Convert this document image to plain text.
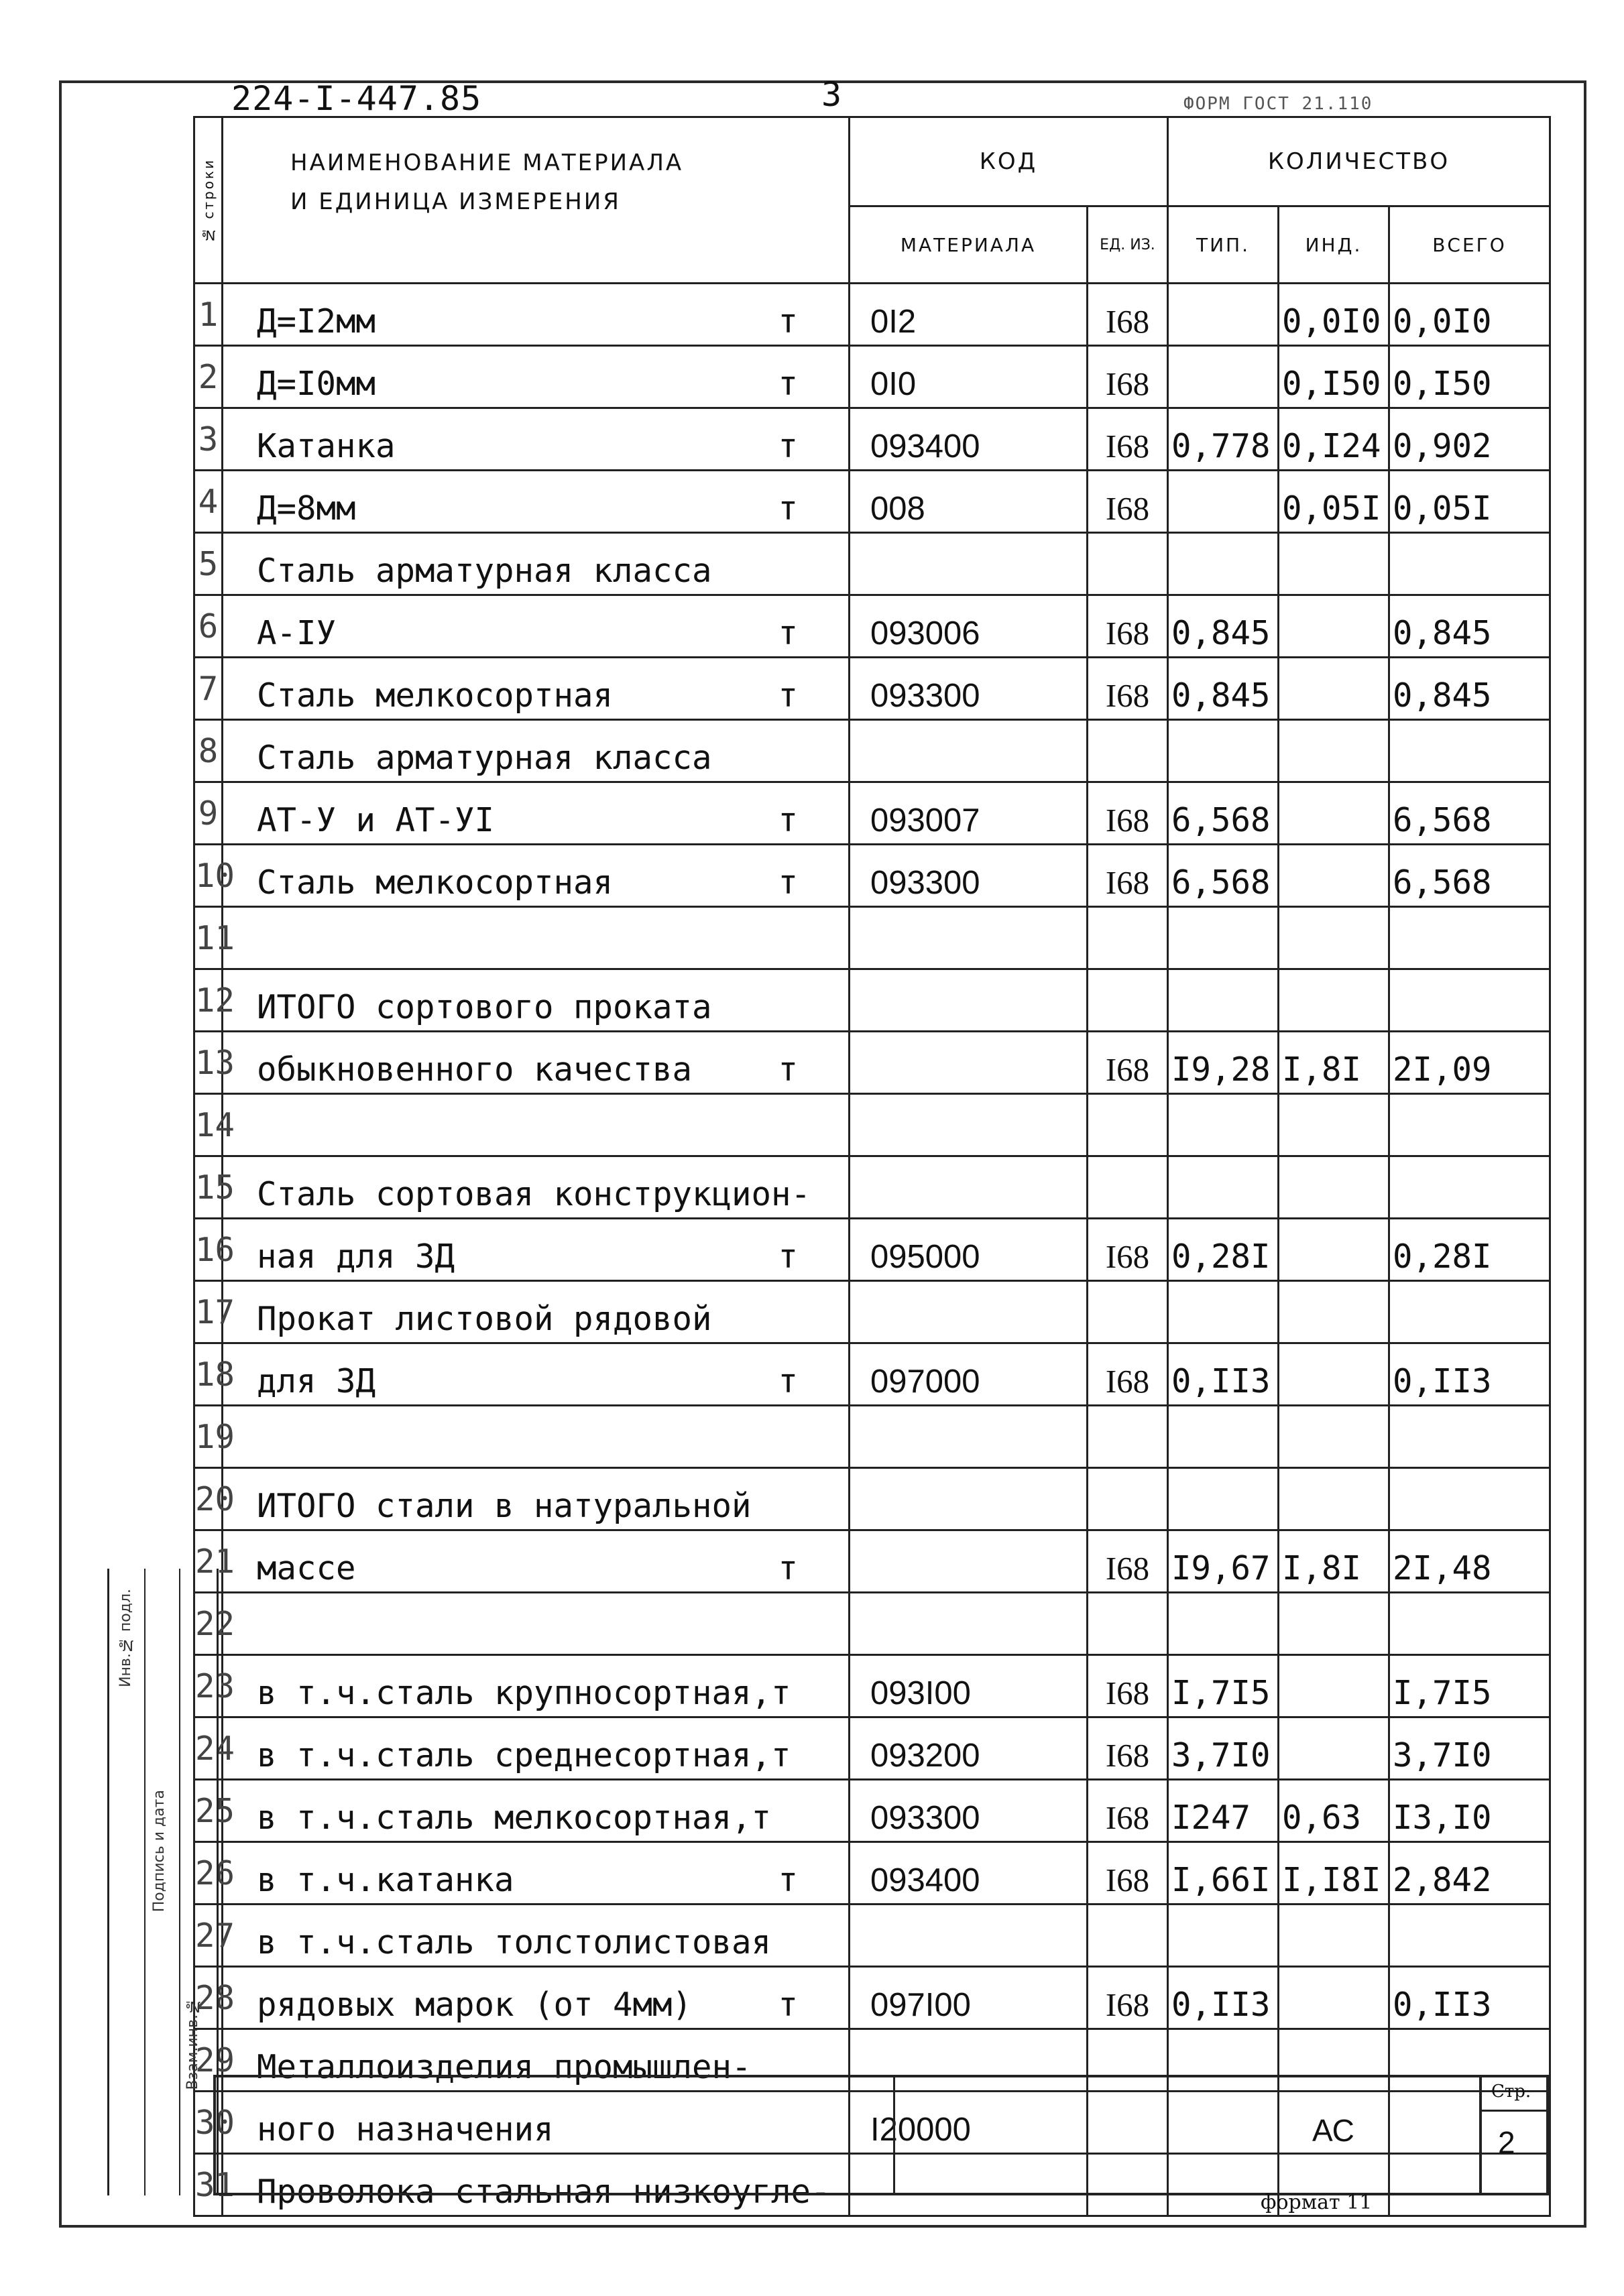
224-I-447.85	3	ФОРМ ГОСТ 21.110
№ строки	НАИМЕНОВАНИЕ МАТЕРИАЛА
И ЕДИНИЦА ИЗМЕРЕНИЯ	КОД		КОЛИЧЕСТВО		
		МАТЕРИАЛА	ЕД. ИЗ.	ТИП.	ИНД.	ВСЕГО
1	Д=I2мм т	0I2	I68		0,0I0	0,0I0
2	Д=I0мм т	0I0	I68		0,I50	0,I50
3	Катанка т	093400	I68	0,778	0,I24	0,902
4	Д=8мм т	008	I68		0,05I	0,05I
5	Сталь арматурная класса

6	А-IУ т	093006	I68	0,845		0,845
7	Сталь мелкосортная т	093300	I68	0,845		0,845
8	Сталь арматурная класса

9	АТ-У и АТ-УI т	093007	I68	6,568		6,568
10	Сталь мелкосортная т	093300	I68	6,568		6,568
11	

12	ИТОГО сортового проката

13	обыкновенного качества т		I68	I9,28	I,8I	2I,09
14	

15	Сталь сортовая конструкцион-

16	ная для ЗД т	095000	I68	0,28I		0,28I
17	Прокат листовой рядовой

18	для ЗД т	097000	I68	0,II3		0,II3
19	

20	ИТОГО стали в натуральной

21	массе т		I68	I9,67	I,8I	2I,48
22	

23	в т.ч.сталь крупносортная,т	093I00	I68	I,7I5		I,7I5
24	в т.ч.сталь среднесортная,т	093200	I68	3,7I0		3,7I0
25	в т.ч.сталь мелкосортная,т	093300	I68	I247	0,63	I3,I0
26	в т.ч.катанка т	093400	I68	I,66I	I,I8I	2,842
27	в т.ч.сталь толстолистовая

28	рядовых марок (от 4мм) т	097I00	I68	0,II3		0,II3
29	Металлоизделия промышлен-

30	ного назначения	I20000				
31	Проволока стальная низкоугле-

Инв.№ подл.
Подпись и дата
Взам.инв.№
АС
Стр.
2
формат 11
